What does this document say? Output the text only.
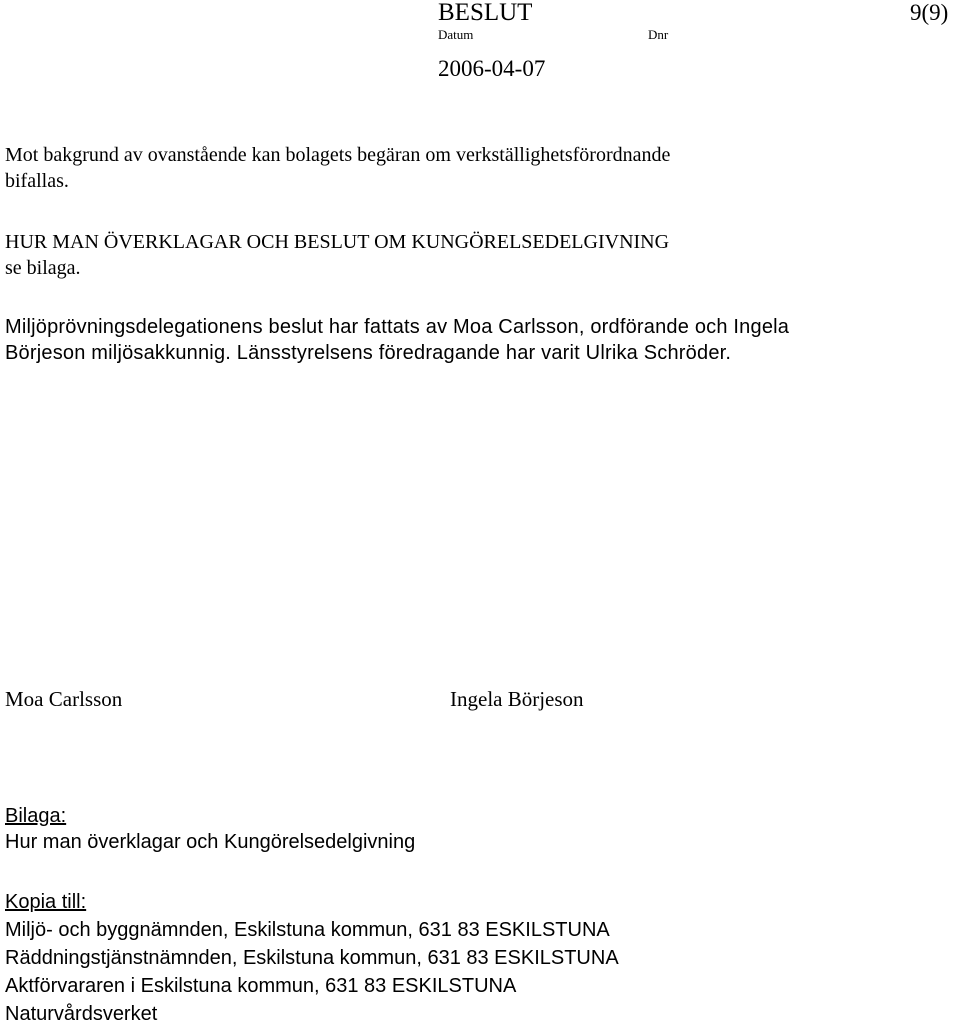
BESLUT	9(9)
Datum	Dnr
2006-04-07
Mot bakgrund av ovanstående kan bolagets begäran om verkställighetsförordnande
bifallas.
HUR MAN ÖVERKLAGAR OCH BESLUT OM KUNGÖRELSEDELGIVNING
se bilaga.
Miljöprövningsdelegationens beslut har fattats av Moa Carlsson, ordförande och Ingela
Börjeson miljösakkunnig. Länsstyrelsens föredragande har varit Ulrika Schröder.
Moa Carlsson	Ingela Börjeson
Bilaga:
Hur man överklagar och Kungörelsedelgivning
Kopia till:
Miljö- och byggnämnden, Eskilstuna kommun, 631 83 ESKILSTUNA
Räddningstjänstnämnden, Eskilstuna kommun, 631 83 ESKILSTUNA
Aktförvararen i Eskilstuna kommun, 631 83 ESKILSTUNA
Naturvårdsverket
